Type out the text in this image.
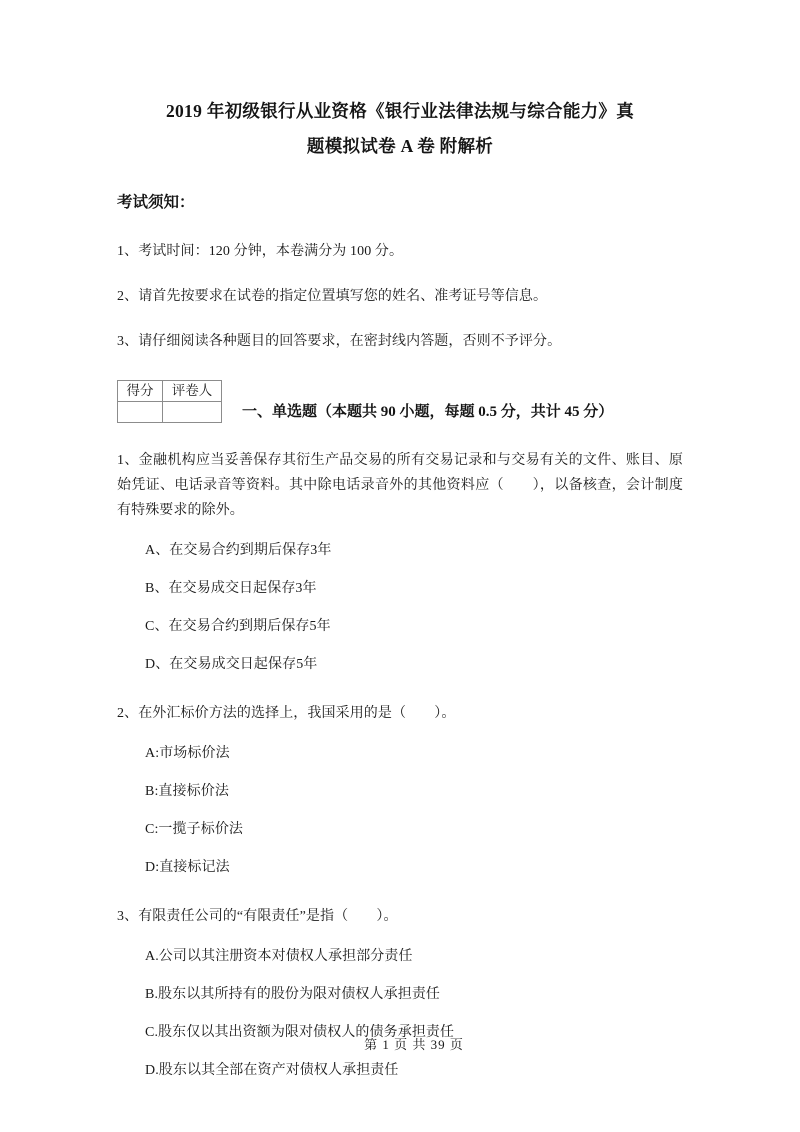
2019 年初级银行从业资格《银行业法律法规与综合能力》真
题模拟试卷 A 卷 附解析
考试须知：
1、考试时间：120 分钟，本卷满分为 100 分。
2、请首先按要求在试卷的指定位置填写您的姓名、准考证号等信息。
3、请仔细阅读各种题目的回答要求，在密封线内答题，否则不予评分。
得分	评卷人

一、单选题（本题共 90 小题，每题 0.5 分，共计 45 分）
1、金融机构应当妥善保存其衍生产品交易的所有交易记录和与交易有关的文件、账目、原始凭证、电话录音等资料。其中除电话录音外的其他资料应（　　），以备核查，会计制度有特殊要求的除外。
A、在交易合约到期后保存3年
B、在交易成交日起保存3年
C、在交易合约到期后保存5年
D、在交易成交日起保存5年
2、在外汇标价方法的选择上，我国采用的是（　　）。
A:市场标价法
B:直接标价法
C:一揽子标价法
D:直接标记法
3、有限责任公司的“有限责任”是指（　　）。
A.公司以其注册资本对债权人承担部分责任
B.股东以其所持有的股份为限对债权人承担责任
C.股东仅以其出资额为限对债权人的债务承担责任
D.股东以其全部在资产对债权人承担责任
第 1 页 共 39 页
